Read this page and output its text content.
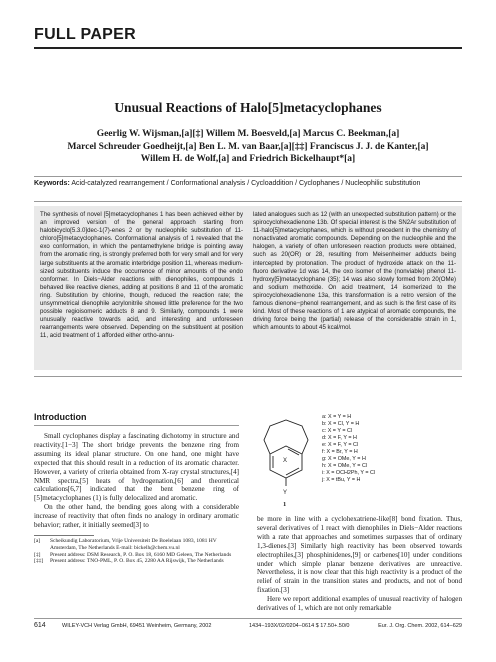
FULL PAPER
Unusual Reactions of Halo[5]metacyclophanes
Geerlig W. Wijsman,[a][‡] Willem M. Boesveld,[a] Marcus C. Beekman,[a]
Marcel Schreuder Goedheijt,[a] Ben L. M. van Baar,[a][‡‡] Franciscus J. J. de Kanter,[a]
Willem H. de Wolf,[a] and Friedrich Bickelhaupt*[a]
Keywords: Acid-catalyzed rearrangement / Conformational analysis / Cycloaddition / Cyclophanes / Nucleophilic substitution
The synthesis of novel [5]metacyclophanes 1 has been achieved either by an improved version of the general approach starting from halobicyclo[5.3.0]dec-1(7)-enes 2 or by nucleophilic substitution of 11-chloro[5]metacyclophanes. Conformational analysis of 1 revealed that the exo conformation, in which the pentamethylene bridge is pointing away from the aromatic ring, is strongly preferred both for very small and for very large substituents at the aromatic interbridge position 11, whereas medium-sized substituents induce the occurrence of minor amounts of the endo conformer. In Diels−Alder reactions with dienophiles, compounds 1 behaved like reactive dienes, adding at positions 8 and 11 of the aromatic ring. Substitution by chlorine, though, reduced the reaction rate; the unsymmetrical dienophile acrylonitrile showed little preference for the two possible regioisomeric adducts 8 and 9. Similarly, compounds 1 were unusually reactive towards acid, and interesting and unforeseen rearrangements were observed. Depending on the substituent at position 11, acid treatment of 1 afforded either ortho-annu-
lated analogues such as 12 (with an unexpected substitution pattern) or the spirocyclohexadienone 13b. Of special interest is the SN2Ar substitution of 11-halo[5]metacyclophanes, which is without precedent in the chemistry of nonactivated aromatic compounds. Depending on the nucleophile and the halogen, a variety of often unforeseen reaction products were obtained, such as 20(OR) or 28, resulting from Meisenheimer adducts being intercepted by protonation. The product of hydroxide attack on the 11-fluoro derivative 1d was 14, the oxo isomer of the (nonviable) phenol 11-hydroxy[5]metacyclophane (35); 14 was also slowly formed from 20(OMe) and sodium methoxide. On acid treatment, 14 isomerized to the spirocyclohexadienone 13a, this transformation is a retro version of the famous dienone−phenol rearrangement, and as such is the first case of its kind. Most of these reactions of 1 are atypical of aromatic compounds, the driving force being the (partial) release of the considerable strain in 1, which amounts to about 45 kcal/mol.
Introduction

Small cyclophanes display a fascinating dichotomy in structure and reactivity.[1−3] The short bridge prevents the benzene ring from assuming its ideal planar structure. On one hand, one might have expected that this should result in a reduction of its aromatic character. However, a variety of criteria obtained from X-ray crystal structures,[4] NMR spectra,[5] heats of hydrogenation,[6] and theoretical calculations[6,7] indicated that the bent benzene ring of [5]metacyclophanes (1) is fully delocalized and aromatic.

On the other hand, the bending goes along with a considerable increase of reactivity that often finds no analogy in ordinary aromatic behavior; rather, it initially seemed[3] to

[a] Scheikundig Laboratorium, Vrije Universiteit De Boelelaan 1083, 1081 HV Amsterdam, The Netherlands E-mail: bickelh@chem.vu.nl
[‡] Present address: DSM Research, P. O. Box 18, 6160 MD Geleen, The Netherlands
[‡‡] Present address: TNO-PML, P. O. Box 45, 2280 AA Rijswijk, The Netherlands
X
Y
1
a: X = Y = H
b: X = Cl, Y = H
c: X = Y = Cl
d: X = F, Y = H
e: X = F, Y = Cl
f: X = Br, Y = H
g: X = OMe, Y = H
h: X = OMe, Y = Cl
i: X = OCH2Ph, Y = Cl
j: X = tBu, Y = H

be more in line with a cyclohexatriene-like[8] bond fixation. Thus, several derivatives of 1 react with dienophiles in Diels−Alder reactions with a rate that approaches and sometimes surpasses that of ordinary 1,3-dienes.[3] Similarly high reactivity has been observed towards electrophiles,[3] phosphinidenes,[9] or carbenes[10] under conditions under which simple planar benzene derivatives are unreactive. Nevertheless, it is now clear that this high reactivity is a product of the relief of strain in the transition states and products, and not of bond fixation.[3]

Here we report additional examples of unusual reactivity of halogen derivatives of 1, which are not only remarkable

614	WILEY-VCH Verlag GmbH, 69451 Weinheim, Germany, 2002	1434−193X/02/0204−0614 $ 17.50+.50/0	Eur. J. Org. Chem. 2002, 614−629
